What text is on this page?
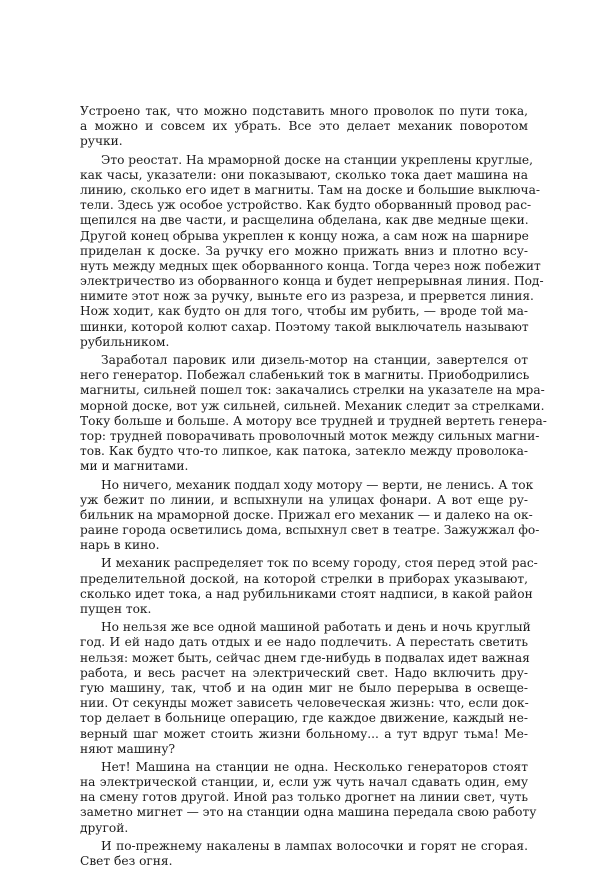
Устроено так, что можно подставить много проволок по пути тока,
а можно и совсем их убрать. Все это делает механик поворотом
ручки.
Это реостат. На мраморной доске на станции укреплены круглые,
как часы, указатели: они показывают, сколько тока дает машина на
линию, сколько его идет в магниты. Там на доске и большие выключа-
тели. Здесь уж особое устройство. Как будто оборванный провод рас-
щепился на две части, и расщелина обделана, как две медные щеки.
Другой конец обрыва укреплен к концу ножа, а сам нож на шарнире
приделан к доске. За ручку его можно прижать вниз и плотно всу-
нуть между медных щек оборванного конца. Тогда через нож побежит
электричество из оборванного конца и будет непрерывная линия. Под-
нимите этот нож за ручку, выньте его из разреза, и прервется линия.
Нож ходит, как будто он для того, чтобы им рубить, — вроде той ма-
шинки, которой колют сахар. Поэтому такой выключатель называют
рубильником.
Заработал паровик или дизель-мотор на станции, завертелся от
него генератор. Побежал слабенький ток в магниты. Приободрились
магниты, сильней пошел ток: закачались стрелки на указателе на мра-
морной доске, вот уж сильней, сильней. Механик следит за стрелками.
Току больше и больше. А мотору все трудней и трудней вертеть генера-
тор: трудней поворачивать проволочный моток между сильных магни-
тов. Как будто что-то липкое, как патока, затекло между проволока-
ми и магнитами.
Но ничего, механик поддал ходу мотору — верти, не ленись. А ток
уж бежит по линии, и вспыхнули на улицах фонари. А вот еще ру-
бильник на мраморной доске. Прижал его механик — и далеко на ок-
раине города осветились дома, вспыхнул свет в театре. Зажужжал фо-
нарь в кино.
И механик распределяет ток по всему городу, стоя перед этой рас-
пределительной доской, на которой стрелки в приборах указывают,
сколько идет тока, а над рубильниками стоят надписи, в какой район
пущен ток.
Но нельзя же все одной машиной работать и день и ночь круглый
год. И ей надо дать отдых и ее надо подлечить. А перестать светить
нельзя: может быть, сейчас днем где-нибудь в подвалах идет важная
работа, и весь расчет на электрический свет. Надо включить дру-
гую машину, так, чтоб и на один миг не было перерыва в освеще-
нии. От секунды может зависеть человеческая жизнь: что, если док-
тор делает в больнице операцию, где каждое движение, каждый не-
верный шаг может стоить жизни больному... а тут вдруг тьма! Ме-
няют машину?
Нет! Машина на станции не одна. Несколько генераторов стоят
на электрической станции, и, если уж чуть начал сдавать один, ему
на смену готов другой. Иной раз только дрогнет на линии свет, чуть
заметно мигнет — это на станции одна машина передала свою работу
другой.
И по-прежнему накалены в лампах волосочки и горят не сгорая.
Свет без огня.
